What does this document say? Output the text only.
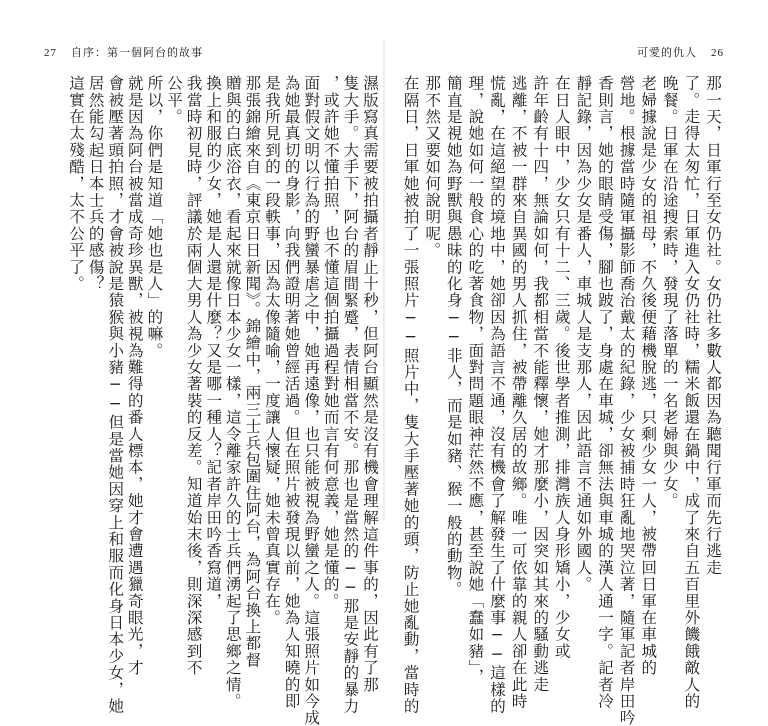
27 自序：第一個阿台的故事	可愛的仇人 26
濕版寫真需要被拍攝者靜止十秒，但阿台顯然是沒有機會理解這件事的，因此有了那
隻大手。大手下，阿台的眉間緊蹙，表情相當不安。那也是當然的──那是安靜的暴力
，或許她不懂拍照，也不懂這個拍攝過程對她而言有何意義，她是懂的。
面對假文明以行為的野蠻暴虐之中，她再遠像，也只能被視為野蠻之人。這張照片如今成
為她最真切的身影，向我們證明著她曾經活過。但在照片被發現以前，她為人知曉的即
是我所見到的一段軼事，因為太像隨喻，一度讓人懷疑，她未曾真實存在。
那張錦繪來自《東京日日新聞》。錦繪中，兩三士兵包圍住阿台，為阿台換上都督
贈與的白底浴衣，看起來就像日本少女一樣，這令離家許久的士兵們湧起了思鄉之情。
換上和服的少女，她是人還是什麼？又是哪一種人？記者岸田吟香寫道，
我當時初見時，評議於兩個大男人為少女著裝的反差。知道始末後，則深深感到不
公平。
所以，你們是知道「她也是人」的嘛。
就是因為阿台被當成奇珍異獸，被視為難得的番人標本，她才會遭遇獵奇眼光，才
會被壓著頭拍照，才會被說是猿猴與小豬──但是當她因穿上和服而化身日本少女，她
居然能勾起日本士兵的感傷？
這實在太殘酷，太不公平了。	那一天，日軍行至女仍社。女仍社多數人都因為聽聞行軍而先行逃走
了。走得太匆忙，日軍進入女仍社時，糯米飯還在鍋中，成了來自五百里外饑餓敵人的
晚餐。日軍在沿途搜索時，發現了落單的一名老婦與少女。
老婦據說是少女的祖母，不久後便藉機脫逃，只剩少女一人，被帶回日軍在車城的
營地。根據當時隨軍攝影師喬治戴太的紀錄，少女被捕時狂亂地哭泣著，隨軍記者岸田吟
香則言，她的眼睛受傷，腳也跛了，身處在車城，卻無法與車城的漢人通一字。記者冷
靜記錄，因為少女是番人，車城人是支那人，因此語言不通如外國人。
在日人眼中，少女只有十二、三歲。後世學者推測，排灣族人身形矯小，少女或
許年齡有十四，無論如何，我都相當不能釋懷，她才那麼小，因突如其來的騷動逃走
逃離，不被一群來自異國的男人抓住，被帶離久居的故鄉。唯一可依靠的親人卻在此時
慌亂，在這絕望的境地中，她卻因為語言不通，沒有機會了解發生了什麼事──這樣的
理，說她如何一般食心的吃著食物，面對問題眼神茫然不應，甚至說她「蠢如豬」，
簡直是視她為野獸與愚昧的化身──非人，而是如豬、猴一般的動物。
那不然又要如何說明呢。
在隔日，日軍她被拍了一張照片──照片中，隻大手壓著她的頭，防止她亂動，當時的
